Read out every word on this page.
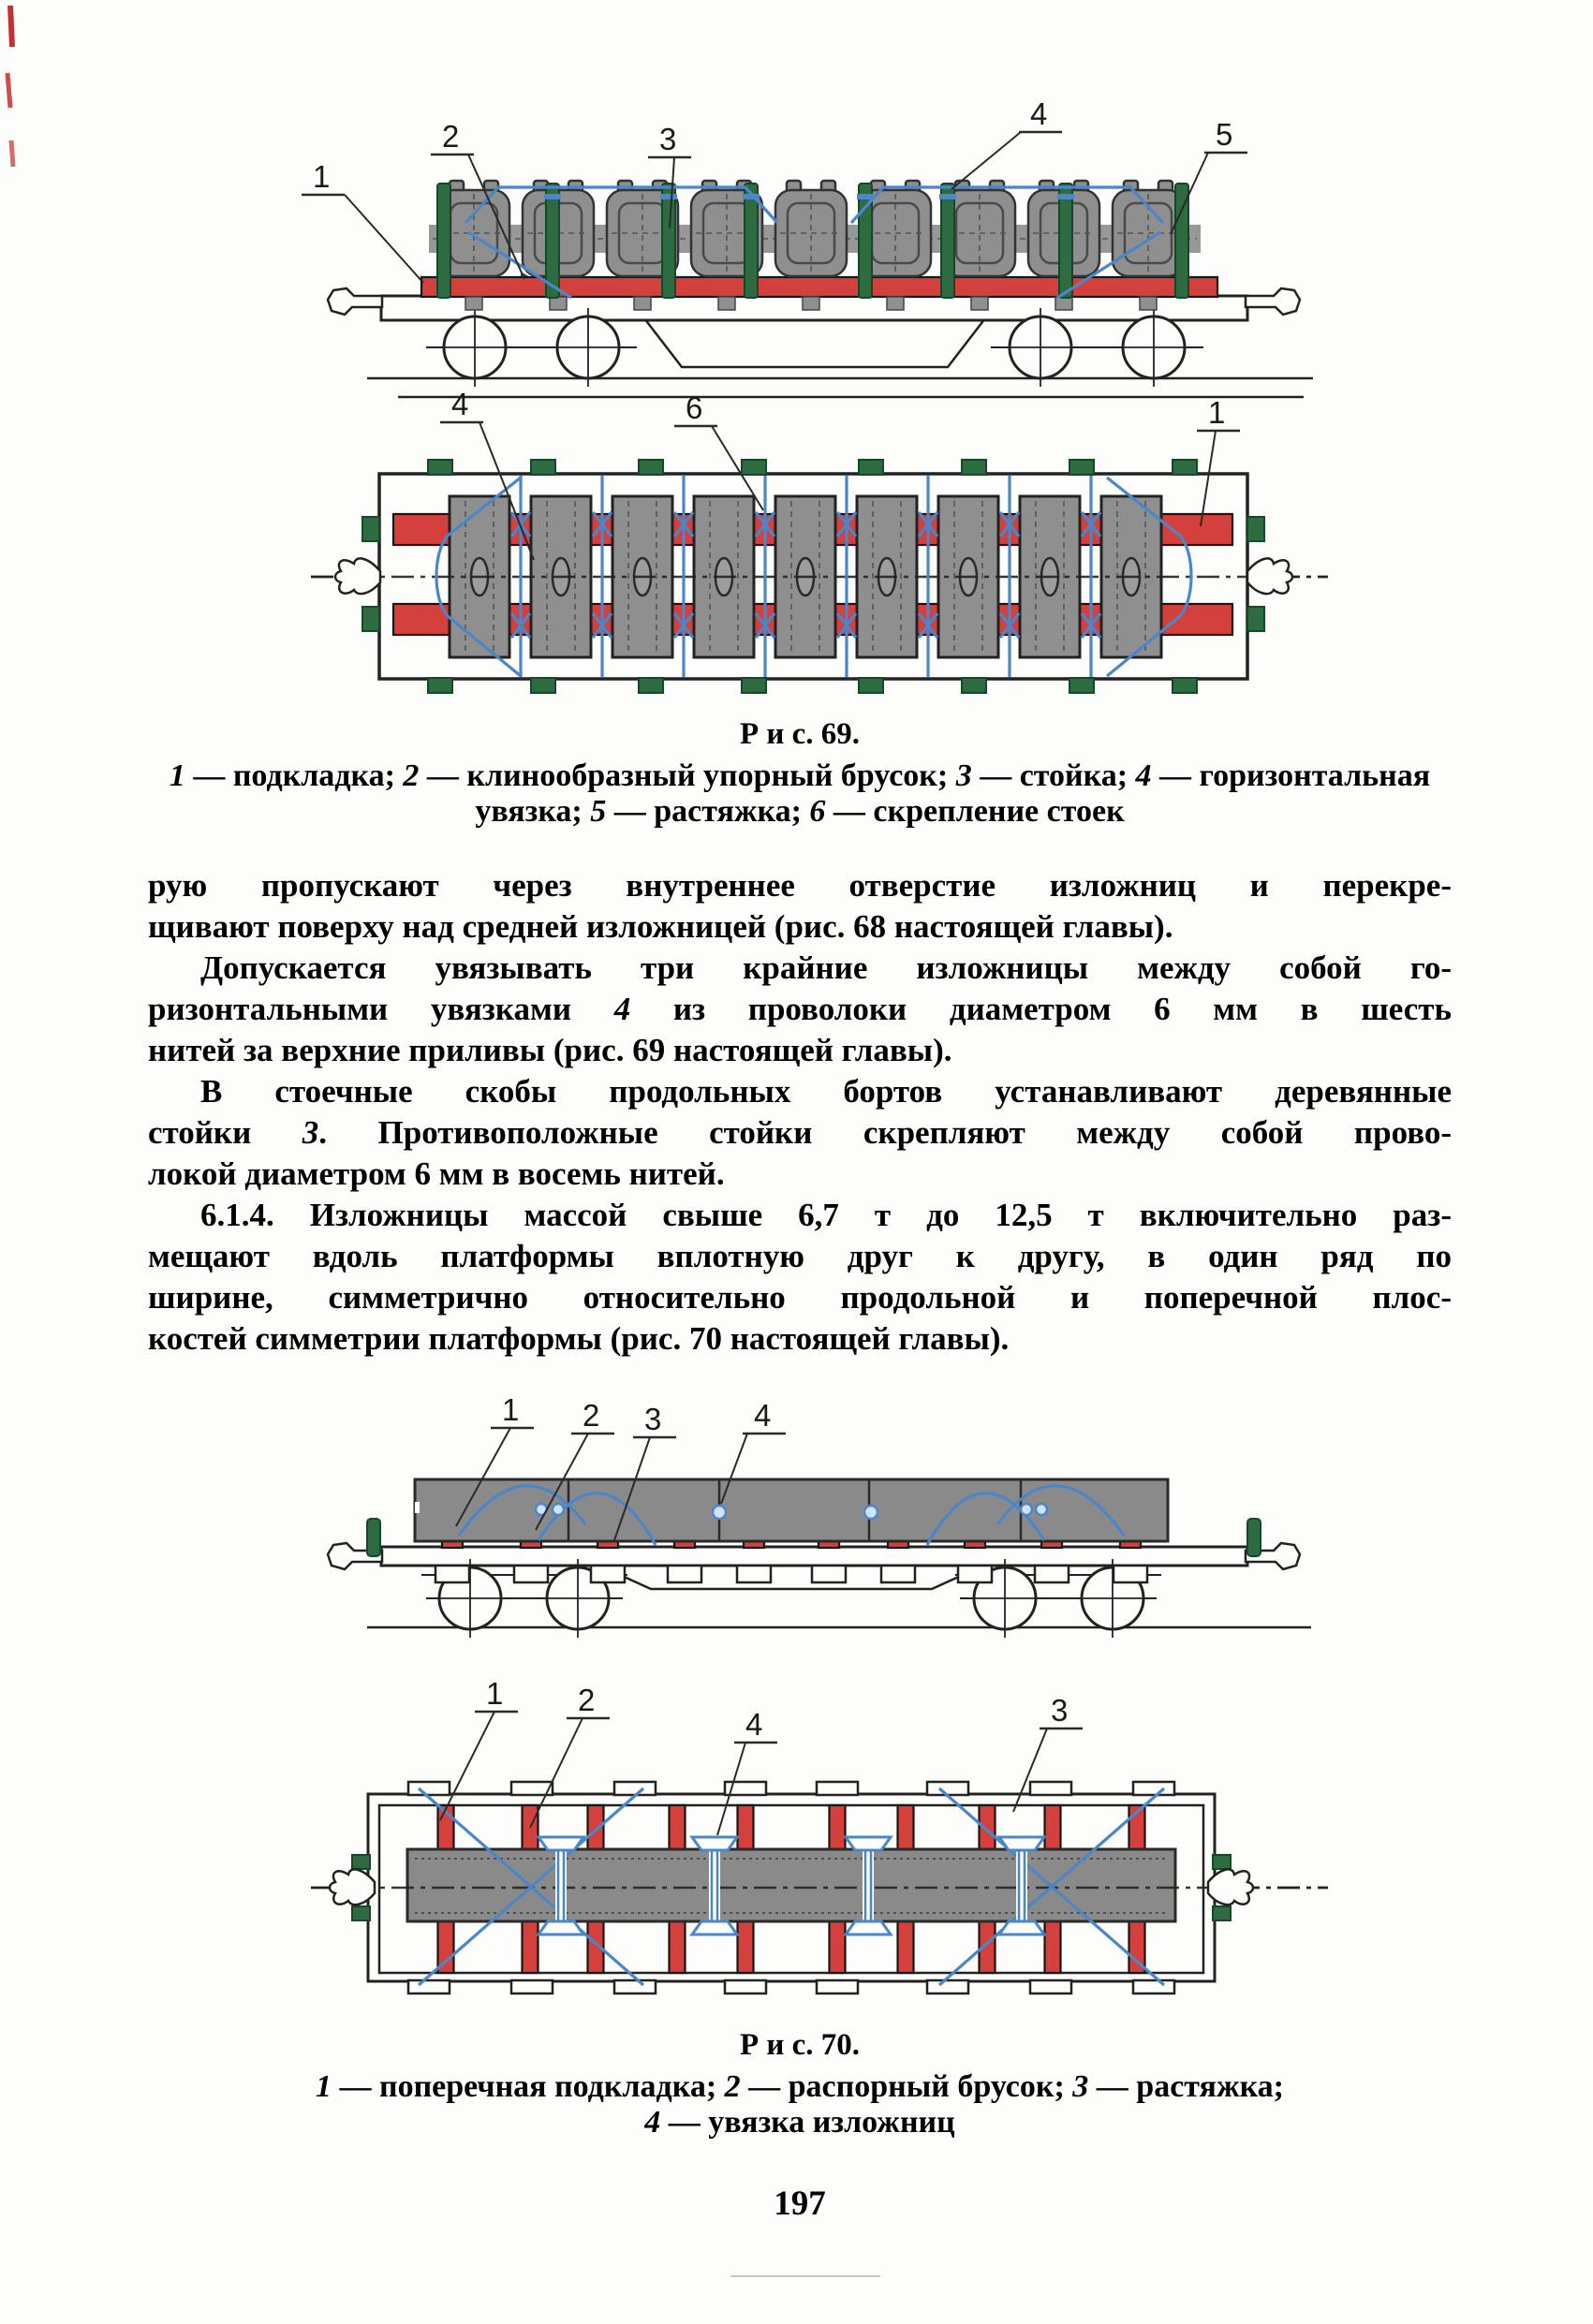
1
2	3
4
5
4	6	1
Р и с. 69.
1 — подкладка; 2 — клинообразный упорный брусок; 3 — стойка; 4 — горизонтальная
увязка; 5 — растяжка; 6 — скрепление стоек
рую пропускают через внутреннее отверстие изложниц и перекре-
щивают поверху над средней изложницей (рис. 68 настоящей главы).
Допускается увязывать три крайние изложницы между собой го-
ризонтальными увязками 4 из проволоки диаметром 6 мм в шесть
нитей за верхние приливы (рис. 69 настоящей главы).
В стоечные скобы продольных бортов устанавливают деревянные
стойки 3. Противоположные стойки скрепляют между собой прово-
локой диаметром 6 мм в восемь нитей.
6.1.4. Изложницы массой свыше 6,7 т до 12,5 т включительно раз-
мещают вдоль платформы вплотную друг к другу, в один ряд по
ширине, симметрично относительно продольной и поперечной плос-
костей симметрии платформы (рис. 70 настоящей главы).
1 2 3	4
1 2
4	3
Р и с. 70.
1 — поперечная подкладка; 2 — распорный брусок; 3 — растяжка;
4 — увязка изложниц
197
